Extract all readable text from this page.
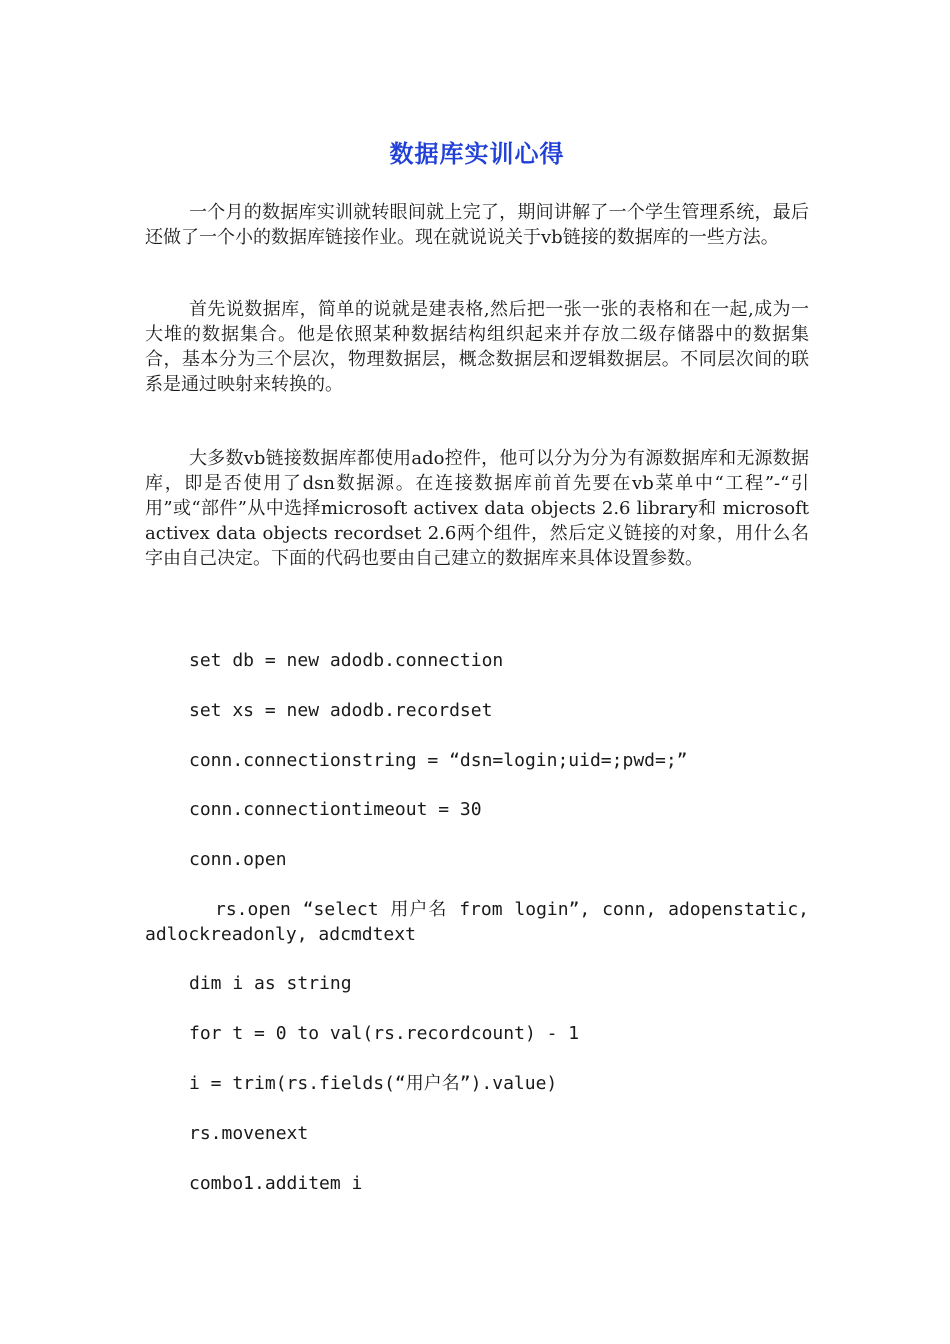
数据库实训心得

一个月的数据库实训就转眼间就上完了，期间讲解了一个学生管理系统，最后还做了一个小的数据库链接作业。现在就说说关于vb链接的数据库的一些方法。

首先说数据库，简单的说就是建表格,然后把一张一张的表格和在一起,成为一大堆的数据集合。他是依照某种数据结构组织起来并存放二级存储器中的数据集合，基本分为三个层次，物理数据层，概念数据层和逻辑数据层。不同层次间的联系是通过映射来转换的。

大多数vb链接数据库都使用ado控件，他可以分为分为有源数据库和无源数据库，即是否使用了dsn数据源。在连接数据库前首先要在vb菜单中“工程”-“引用”或“部件”从中选择microsoft activex data objects 2.6 library和 microsoft activex data objects recordset 2.6两个组件，然后定义链接的对象，用什么名字由自己决定。下面的代码也要由自己建立的数据库来具体设置参数。

set db = new adodb.connection
set xs = new adodb.recordset
conn.connectionstring = “dsn=login;uid=;pwd=;”
conn.connectiontimeout = 30
conn.open

rs.open “select 用户名 from login”, conn, adopenstatic, adlockreadonly, adcmdtext

dim i as string
for t = 0 to val(rs.recordcount) - 1
i = trim(rs.fields(“用户名”).value)
rs.movenext
combo1.additem i
